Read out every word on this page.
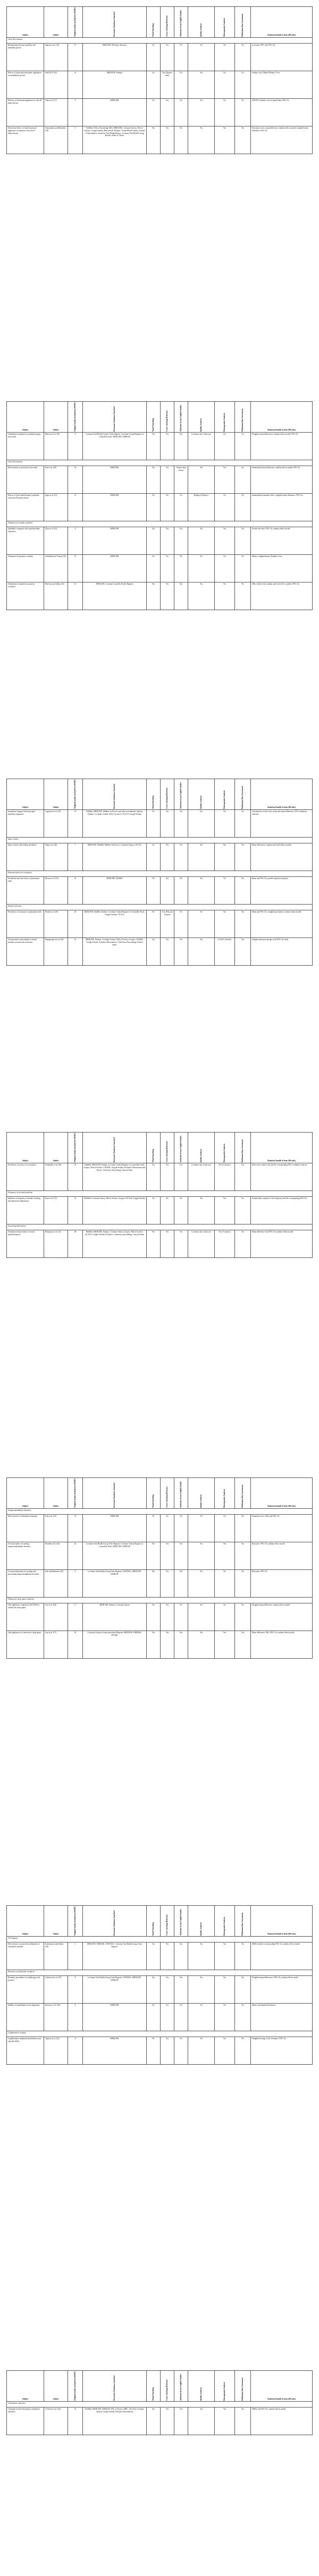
Subject	Author	Original studies included in SR/MA	Electronic Databases Searched	Hand Searching	Cross-checking Reference	Inclusion of non-English Studies	Quality Analysis	Heterogeneity Analysis	Publication Bias Assessment	Statistical handle of data (SR only)
Class III treatment										
Relationship between maxillary and mandible growth	Nguyen et al. [15]	13	MEDLINE; Dentistry Abstracts	No	Yes	No	No	No	No	(a,b) ratio; 95% with 95% CIs
Effects of functional orthodontic appliances on mandibular growth	Shih 2013 [16]	14	MEDLINE, Embase	No	Yes (Nguyen data)	No	Yes	No	No	Student t-test; Mann-Whitney U test
Efficacy of functional appliances in class III malocclusion	Glen et al. [17]	9	MEDLINE	No	Yes	No	Yes	No	No	ANOVA; Student t test for paired data; 95% CIs
Short-term effects of fixed functional appliances for patients with class II malocclusion	Antonarakis and Kiliaridis [18]	9	PubMed, Web of Knowledge (ISI), MEDLINE, Cochrane Library, Web of Science, Google Scholar, Bear Search, Embase, Virtual Health Library, Journal of Orthodontics, Journal of Oral Rehabilitation, Cochrane Oral Health Group, Elsevier, Index to Theses	Yes	Yes	Yes	Yes	Yes	Yes	Descriptive tests, mean difference; random effects model; weighted mean difference; 95% CIs
Subject	Author	Original studies included in SR/MA	Electronic Databases Searched	Hand Searching	Cross-checking Reference	Inclusion of non-English Studies	Quality Analysis	Heterogeneity Analysis	Publication Bias Assessment	Statistical handle of data (SR only)
Orthodontic treatment for prominent upper front teeth	Harrison et al. [19]	8	Cochrane Oral Health Group's Trials Register, Cochrane Central Register of Controlled Trials, MEDLINE, EMBASE	Yes	Yes	Yes	Cochrane risk of bias tool	No	No	Weighted mean differences; random effects model; 95% CIs
Class III treatment										
Effectiveness of protraction face mask	Kim et al. [20]	14	MEDLINE	Yes	Yes	Chinese data shown	Yes	Yes	No	Standardized mean difference; random effects model; 95% CIs
Effects of facial mask therapy in patients with class III malocclusion	Jäger et al. [21]	12	MEDLINE	No	No	No	Bridges & Mayer's	No	No	Standardized treatment effect; weighted mean difference; 95% CIs
Treatment of crossbite problems										
Quadhelix compared with rapid maxillary expansion	Zhou et al. [22]	6	MEDLINE	Yes	Yes	Yes	Yes	Yes	Yes	Pooled risk ratio; 95% CIs; random effects model
Treatment for posterior crossbite	Schiffman and Tuncay [23]	15	MEDLINE	No	No	No	No	No	No	Means; weighted mean; Student's t-test
Orthodontic treatment for posterior crossbites	Harrison and Ashby [24]	13	MEDLINE, Cochrane Controlled Trials Register	Yes	Yes	Yes	Yes	No	No	ORs; relative risk; random and fixed effects models; 95% CIs
Subject	Author	Original studies included in SR/MA	Electronic Databases Searched	Hand Searching	Cross-checking Reference	Inclusion of non-English Studies	Quality Analysis	Heterogeneity Analysis	Publication Bias Assessment	Statistical handle of data (SR only)
Immediate changes following rapid maxillary expansion	Lagravère et al. [25]	14	PubMed, MEDLINE, Medline In-Process and other non-indexed citations, Embase, Cochrane Central, Web of Science, LILACS, Google Scholar	No	Yes	Yes	Yes	No	No	Calculations of effect size; mean and mean differences; 95% confidence intervals
Space closure										
Space closure with sliding mechanics	Tang et al. [26]	7	MEDLINE, PubMed, Medline In-Process, Cochrane Library, LILACS	No	Yes	Yes	Yes	Yes	Yes	Mean differences; random and fixed effects models
External apical root resorption										
Prevalence and risk factors of permanent teeth	Roscoe et al. [27]	16	MEDLINE, PubMed	No	Yes	Yes	Yes	No	Yes	Mean and 95% CIs; pooled regression analysis
Dental extraction										
Prevalence of extraction of permanent teeth	Walsh et al. [28]	18	MEDLINE, PubMed, Embase, Cochrane Central Register of Controlled Trials, Google Scholar, LILACS	No	Two (Pub and Scopus)	No	Yes	Yes	Yes	Mean and 95% CIs; weighted prevalence; random effects model
Characteristics and attitudes of dental students toward tooth extraction	Papageorgiou et al. [29]	12	MEDLINE, Embase, Cochrane Library, Web of Science, Scopus, CINAHL, Google Scholar, ProQuest Dissertations, Conference Proceedings Citation Index	Yes	Yes	Yes	Yes	GLAST checklist	Yes	Original mean percentages with 95% CIs; Stata
Subject	Author	Original studies included in SR/MA	Electronic Databases Searched	Hand Searching	Cross-checking Reference	Inclusion of non-English Studies	Quality Analysis	Heterogeneity Analysis	Publication Bias Assessment	Statistical handle of data (SR only)
Prevalence of incisor root resorption	Sondeijker et al. [30]	23	PubMed, MEDLINE, Embase, Cochrane Central Register of Controlled Trials, Scopus, Web of Science, CINAHL, Google Scholar, ProQuest Dissertations and Theses, Conference Proceedings Citation Index	Yes	Yes	Yes	Cochrane risk of bias tool	Yes (I² statistic)	Yes	Effect size; relative risk and the corresponding 95% confidence interval
Frequency of occlusal problems										
Influence of frequency of dental crowding and dental arch dimensions	Kaur et al. [31]	12	PubMed, Cochrane Library, Web of Science, Scopus, LILACS, Google Scholar	No	No	No	Yes	Yes	Yes	Pooled effect; analysis of the frequency and the corresponding 95% CIs
Facial hyperdivergency										
Treatment and prevalence of facial hyperdivergency	Hasegawa et al. [32]	38	PubMed, MEDLINE, Embase, Cochrane Library, Scopus, Web of Science, LILACS, Google Scholar, ProQuest, Conference proceedings, Grey literature	Yes	Yes	Yes	Cochrane risk of bias tool	Yes (I² statistic)	Yes	Mean difference with 95% CIs; random effects model
Subject	Author	Original studies included in SR/MA	Electronic Databases Searched	Hand Searching	Cross-checking Reference	Inclusion of non-English Studies	Quality Analysis	Heterogeneity Analysis	Publication Bias Assessment	Statistical handle of data (SR only)
Temporomandibular disorders										
Effectiveness of orthodontic treatment	Kim et al. [33]	31	MEDLINE	No	No	No	No	No	No	Parametric tests; ORs with 95% CIs
Occlusal splints for treating temporomandibular disorders	Ebrahim et al. [34]	22	Cochrane Oral Health Group Trials Register, Cochrane Central Register of Controlled Trials, MEDLINE, EMBASE	Yes	Yes	Yes	Yes	Yes	Yes	Risk ratio; 95% CIs; random effects model
Occlusal adjustment for treating and preventing temporomandibular disorders	Koh and Robinson [35]	6	Cochrane Oral Health Group Trials Register, CENTRAL, MEDLINE, EMBASE	Yes	Yes	Yes	Yes	No	No	Risk ratio; 95% CIs
Obstructive sleep apnea syndrome										
Oral appliances compared with CPAP for obstructive sleep apnea	Lim et al. [36]	17	MEDLINE, Embase, Cochrane Library	Yes	Yes	No	Yes	No	No	Weighted mean difference; random effects model
Oral appliances for obstructive sleep apnea	Lim et al. [37]	16	Cochrane Airways Group Specialised Register, MEDLINE, EMBASE, CINAHL	Yes	Yes	Yes	Yes	Yes	Yes	Mean difference; ORs; 95% CIs; random effects model
Subject	Author	Original studies included in SR/MA	Electronic Databases Searched	Hand Searching	Cross-checking Reference	Inclusion of non-English Studies	Quality Analysis	Heterogeneity Analysis	Publication Bias Assessment	Statistical handle of data (SR only)
Oral hygiene										
Effectiveness of powered toothbrushes in orthodontic patients	Kaklamanos and Kalfas [38]	5	MEDLINE, EMBASE, CENTRAL, Cochrane Oral Health Group Trials Register	Yes	Yes	Yes	Yes	Yes	No	SMDs with the corresponding 95% CIs; random effects model
Retention of orthodontic treatment										
Retention procedures for stabilising tooth position	Littlewood et al. [39]	8	Cochrane Oral Health Group Trials Register, CENTRAL, MEDLINE, EMBASE	Yes	Yes	Yes	Yes	Yes	Yes	Weighted mean differences; 95% CIs; random effects model
Stability of mandibular incisor alignment	Rossouw et al. [40]	9	MEDLINE	No	Yes	No	No	No	No	Means and standard deviations
Cephalometric analysis										
Cephalometric landmark identification and reproducibility	Trpkova et al. [41]	9	MEDLINE	No	Yes	No	Yes	Yes	No	Weighted average of the estimates; 95% CIs
Subject	Author	Original studies included in SR/MA	Electronic Databases Searched	Hand Searching	Cross-checking Reference	Inclusion of non-English Studies	Quality Analysis	Heterogeneity Analysis	Publication Bias Assessment	Statistical handle of data (SR only)
Orthodontic education										
Computer-assisted learning in orthodontic education	Al-Jewair et al. [42]	10	PubMed, MEDLINE, EMBASE, Web of Science, ERIC, LILACS, Cochrane Library, Google Scholar, ProQuest Dissertations	Yes	Yes	Yes	Yes	Yes	Yes	SMDs with 95% CIs; random effects model
